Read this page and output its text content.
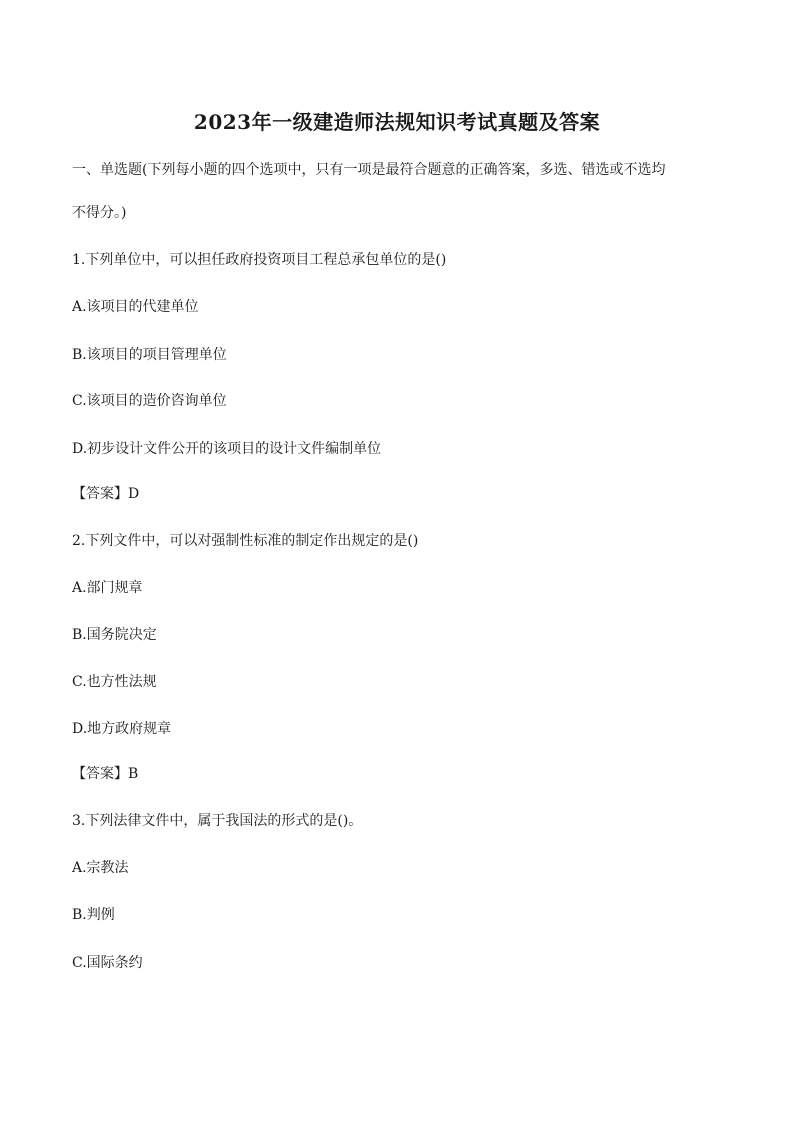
2023年一级建造师法规知识考试真题及答案
一、单选题(下列每小题的四个选项中，只有一项是最符合题意的正确答案，多选、错选或不选均
不得分。)
1.下列单位中，可以担任政府投资项目工程总承包单位的是()
A.该项目的代建单位
B.该项目的项目管理单位
C.该项目的造价咨询单位
D.初步设计文件公开的该项目的设计文件编制单位
【答案】D
2.下列文件中，可以对强制性标准的制定作出规定的是()
A.部门规章
B.国务院决定
C.也方性法规
D.地方政府规章
【答案】B
3.下列法律文件中，属于我国法的形式的是()。
A.宗教法
B.判例
C.国际条约
